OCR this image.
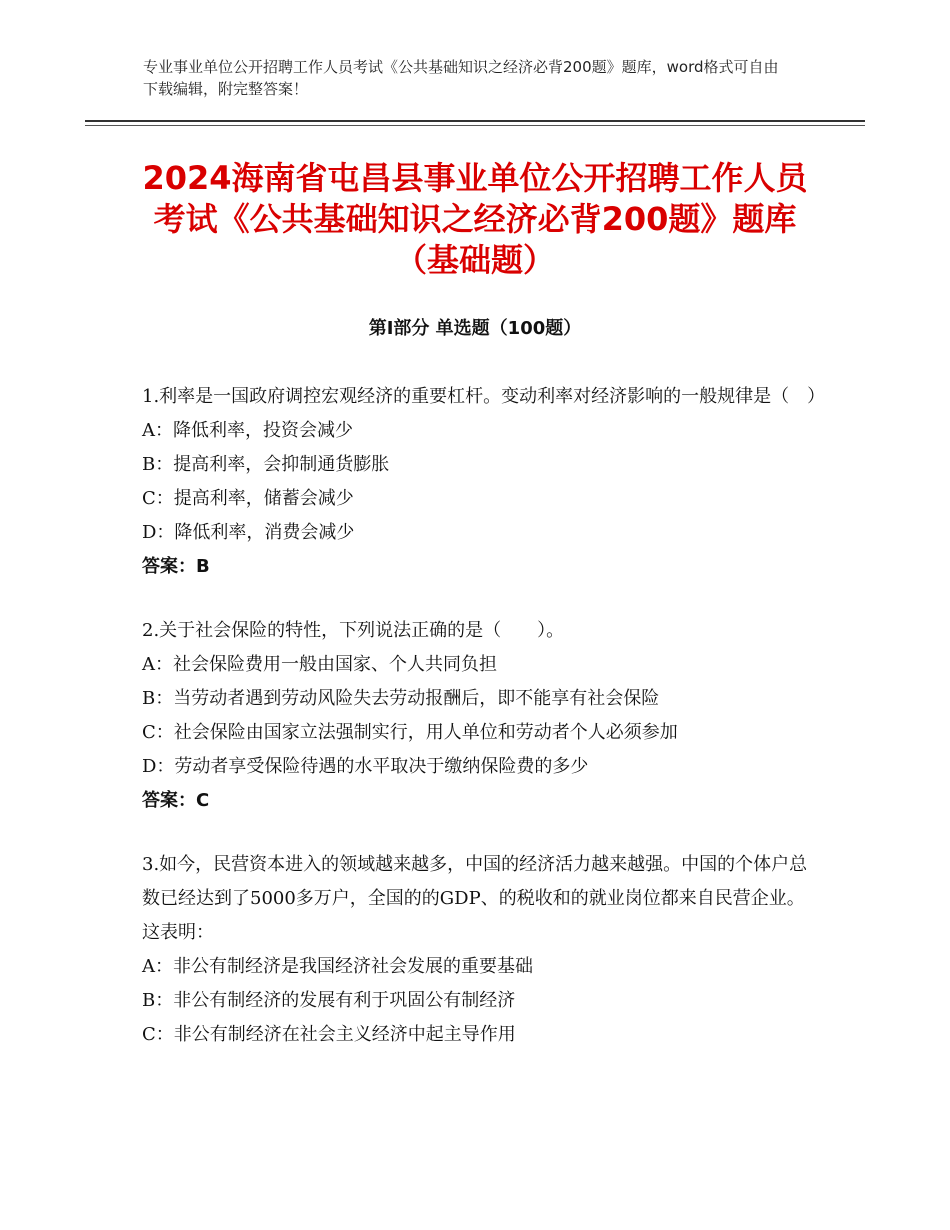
专业事业单位公开招聘工作人员考试《公共基础知识之经济必背200题》题库，word格式可自由下载编辑，附完整答案！
2024海南省屯昌县事业单位公开招聘工作人员考试《公共基础知识之经济必背200题》题库（基础题）
第I部分 单选题（100题）
1.利率是一国政府调控宏观经济的重要杠杆。变动利率对经济影响的一般规律是（　）
A：降低利率，投资会减少
B：提高利率，会抑制通货膨胀
C：提高利率，储蓄会减少
D：降低利率，消费会减少
答案：B
2.关于社会保险的特性，下列说法正确的是（　　）。
A：社会保险费用一般由国家、个人共同负担
B：当劳动者遇到劳动风险失去劳动报酬后，即不能享有社会保险
C：社会保险由国家立法强制实行，用人单位和劳动者个人必须参加
D：劳动者享受保险待遇的水平取决于缴纳保险费的多少
答案：C
3.如今，民营资本进入的领域越来越多，中国的经济活力越来越强。中国的个体户总数已经达到了5000多万户，全国的的GDP、的税收和的就业岗位都来自民营企业。这表明：
A：非公有制经济是我国经济社会发展的重要基础
B：非公有制经济的发展有利于巩固公有制经济
C：非公有制经济在社会主义经济中起主导作用
